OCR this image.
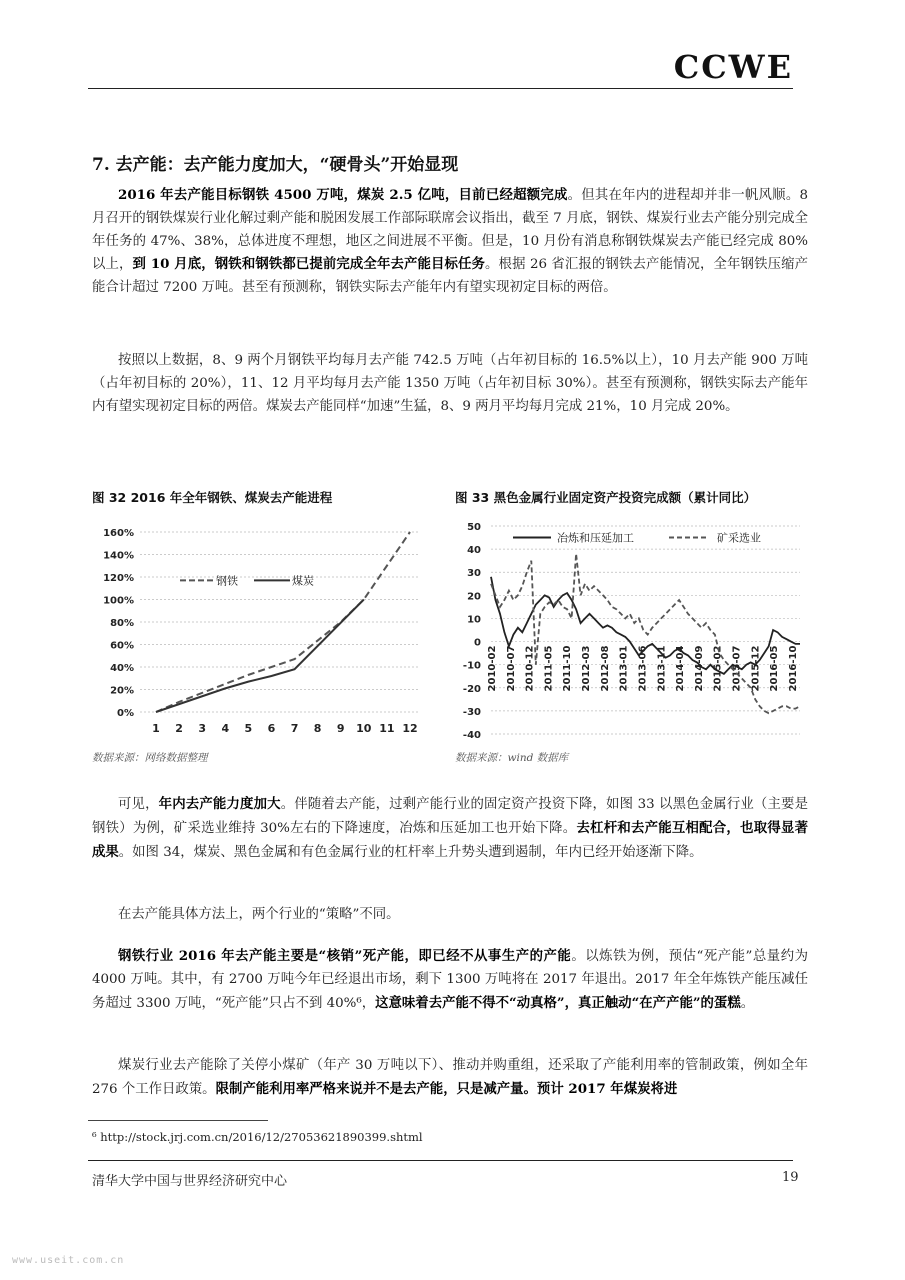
CCWE
7. 去产能：去产能力度加大，“硬骨头”开始显现
2016 年去产能目标钢铁 4500 万吨，煤炭 2.5 亿吨，目前已经超额完成。但其在年内的进程却并非一帆风顺。8 月召开的钢铁煤炭行业化解过剩产能和脱困发展工作部际联席会议指出，截至 7 月底，钢铁、煤炭行业去产能分别完成全年任务的 47%、38%，总体进度不理想，地区之间进展不平衡。但是，10 月份有消息称钢铁煤炭去产能已经完成 80%以上，到 10 月底，钢铁和钢铁都已提前完成全年去产能目标任务。根据 26 省汇报的钢铁去产能情况，全年钢铁压缩产能合计超过 7200 万吨。甚至有预测称，钢铁实际去产能年内有望实现初定目标的两倍。
按照以上数据，8、9 两个月钢铁平均每月去产能 742.5 万吨（占年初目标的 16.5%以上），10 月去产能 900 万吨（占年初目标的 20%），11、12 月平均每月去产能 1350 万吨（占年初目标 30%）。甚至有预测称，钢铁实际去产能年内有望实现初定目标的两倍。煤炭去产能同样“加速”生猛，8、9 两月平均每月完成 21%，10 月完成 20%。
图 32 2016 年全年钢铁、煤炭去产能进程
0%
20%
40%
60%
80%
100%
120%
140%
160%
1 2 3 4 5 6 7 8 9 10 11 12
钢铁	煤炭
数据来源：网络数据整理
图 33 黑色金属行业固定资产投资完成额（累计同比）
50
40
30
20
10
0
-10
-20
-30
-40
2010-02 2010-07 2010-12 2011-05 2011-10 2012-03 2012-08 2013-01 2013-06 2013-11 2014-04 2014-09 2015-02 2015-07 2015-12 2016-05 2016-10
冶炼和压延加工	矿采选业
数据来源：wind 数据库
可见，年内去产能力度加大。伴随着去产能，过剩产能行业的固定资产投资下降，如图 33 以黑色金属行业（主要是钢铁）为例，矿采选业维持 30%左右的下降速度，冶炼和压延加工也开始下降。去杠杆和去产能互相配合，也取得显著成果。如图 34，煤炭、黑色金属和有色金属行业的杠杆率上升势头遭到遏制，年内已经开始逐渐下降。
在去产能具体方法上，两个行业的“策略”不同。
钢铁行业 2016 年去产能主要是“核销”死产能，即已经不从事生产的产能。以炼铁为例，预估“死产能”总量约为 4000 万吨。其中，有 2700 万吨今年已经退出市场，剩下 1300 万吨将在 2017 年退出。2017 年全年炼铁产能压减任务超过 3300 万吨，“死产能”只占不到 40%⁶，这意味着去产能不得不“动真格”，真正触动“在产产能”的蛋糕。
煤炭行业去产能除了关停小煤矿（年产 30 万吨以下）、推动并购重组，还采取了产能利用率的管制政策，例如全年 276 个工作日政策。限制产能利用率严格来说并不是去产能，只是减产量。预计 2017 年煤炭将进
⁶ http://stock.jrj.com.cn/2016/12/27053621890399.shtml
清华大学中国与世界经济研究中心	19
www.useit.com.cn
